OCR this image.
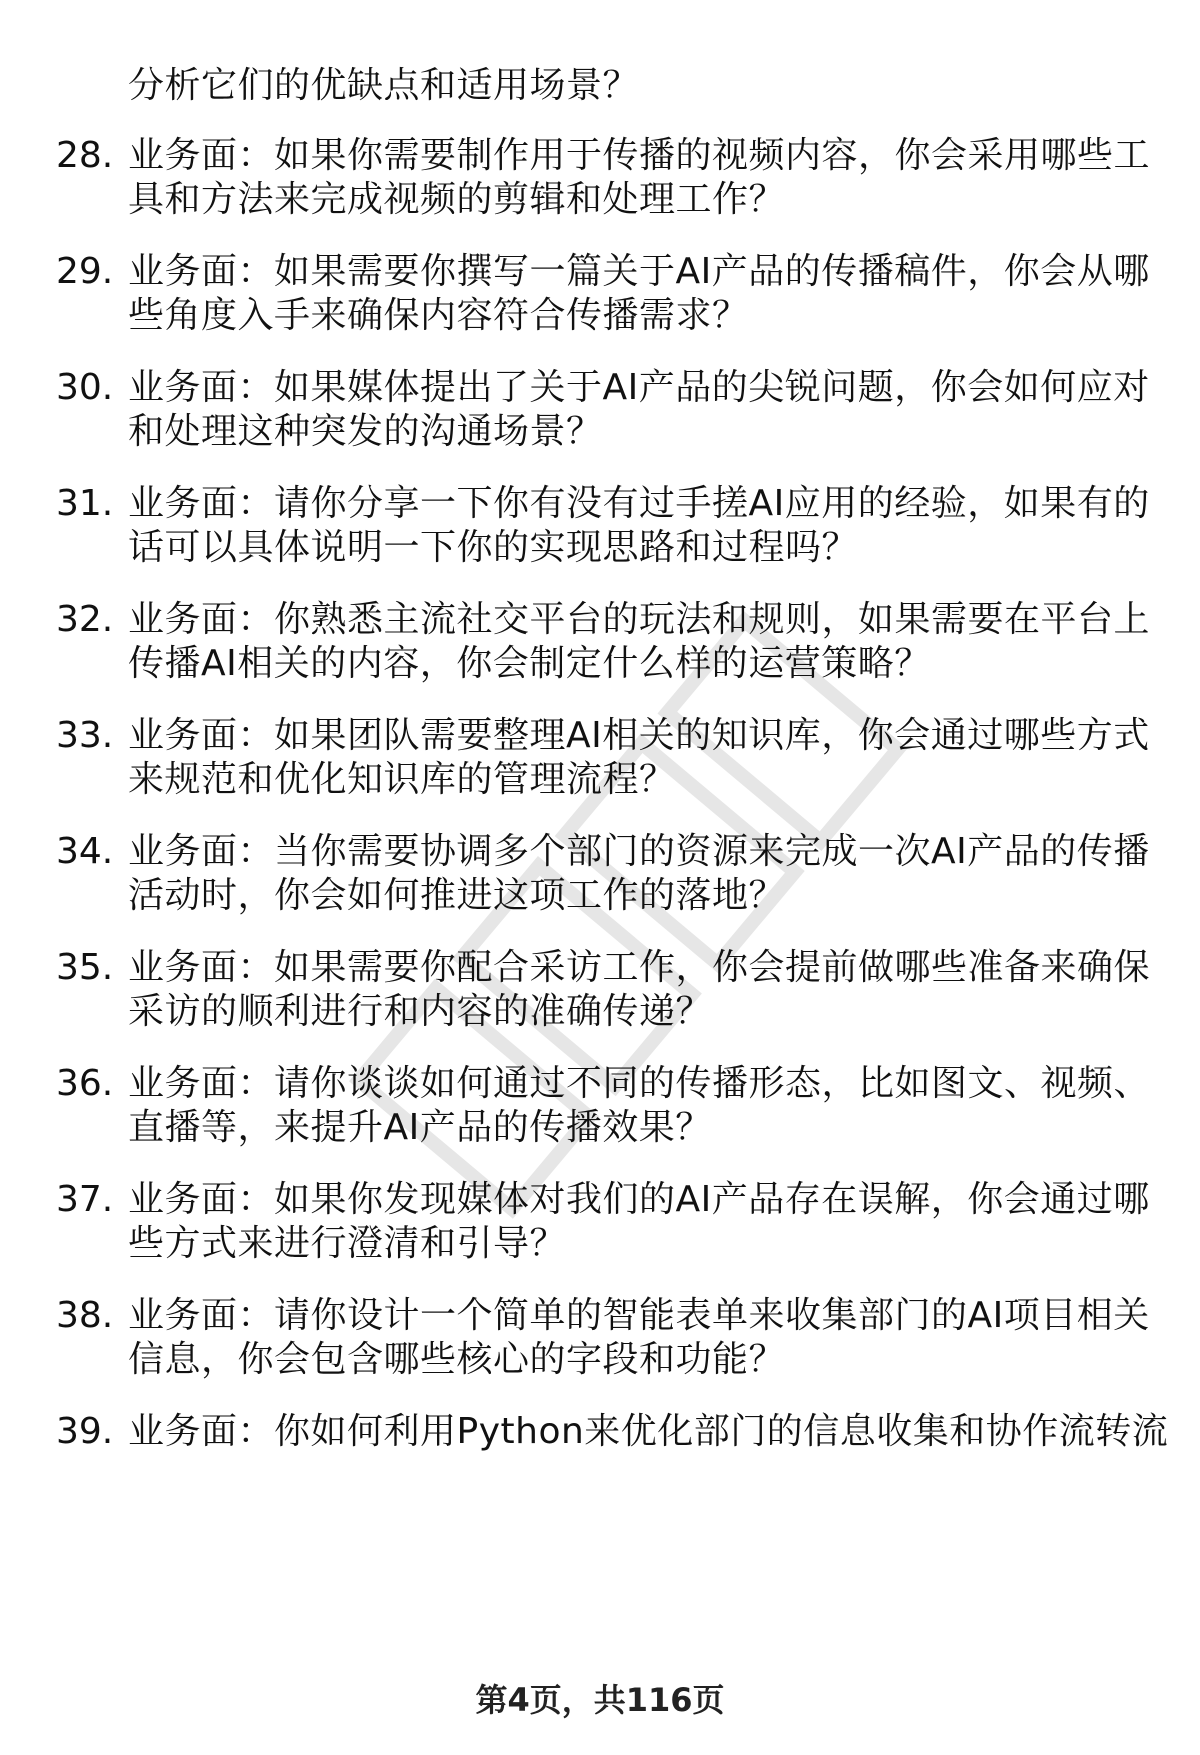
分析它们的优缺点和适用场景？
28. 业务面：如果你需要制作用于传播的视频内容，你会采用哪些工
具和方法来完成视频的剪辑和处理工作？
29. 业务面：如果需要你撰写一篇关于AI产品的传播稿件，你会从哪
些角度入手来确保内容符合传播需求？
30. 业务面：如果媒体提出了关于AI产品的尖锐问题，你会如何应对
和处理这种突发的沟通场景？
31. 业务面：请你分享一下你有没有过手搓AI应用的经验，如果有的
话可以具体说明一下你的实现思路和过程吗？
32. 业务面：你熟悉主流社交平台的玩法和规则，如果需要在平台上
传播AI相关的内容，你会制定什么样的运营策略？
33. 业务面：如果团队需要整理AI相关的知识库，你会通过哪些方式
来规范和优化知识库的管理流程？
34. 业务面：当你需要协调多个部门的资源来完成一次AI产品的传播
活动时，你会如何推进这项工作的落地？
35. 业务面：如果需要你配合采访工作，你会提前做哪些准备来确保
采访的顺利进行和内容的准确传递？
36. 业务面：请你谈谈如何通过不同的传播形态，比如图文、视频、
直播等，来提升AI产品的传播效果？
37. 业务面：如果你发现媒体对我们的AI产品存在误解，你会通过哪
些方式来进行澄清和引导？
38. 业务面：请你设计一个简单的智能表单来收集部门的AI项目相关
信息，你会包含哪些核心的字段和功能？
39. 业务面：你如何利用Python来优化部门的信息收集和协作流转流
第4页，共116页
